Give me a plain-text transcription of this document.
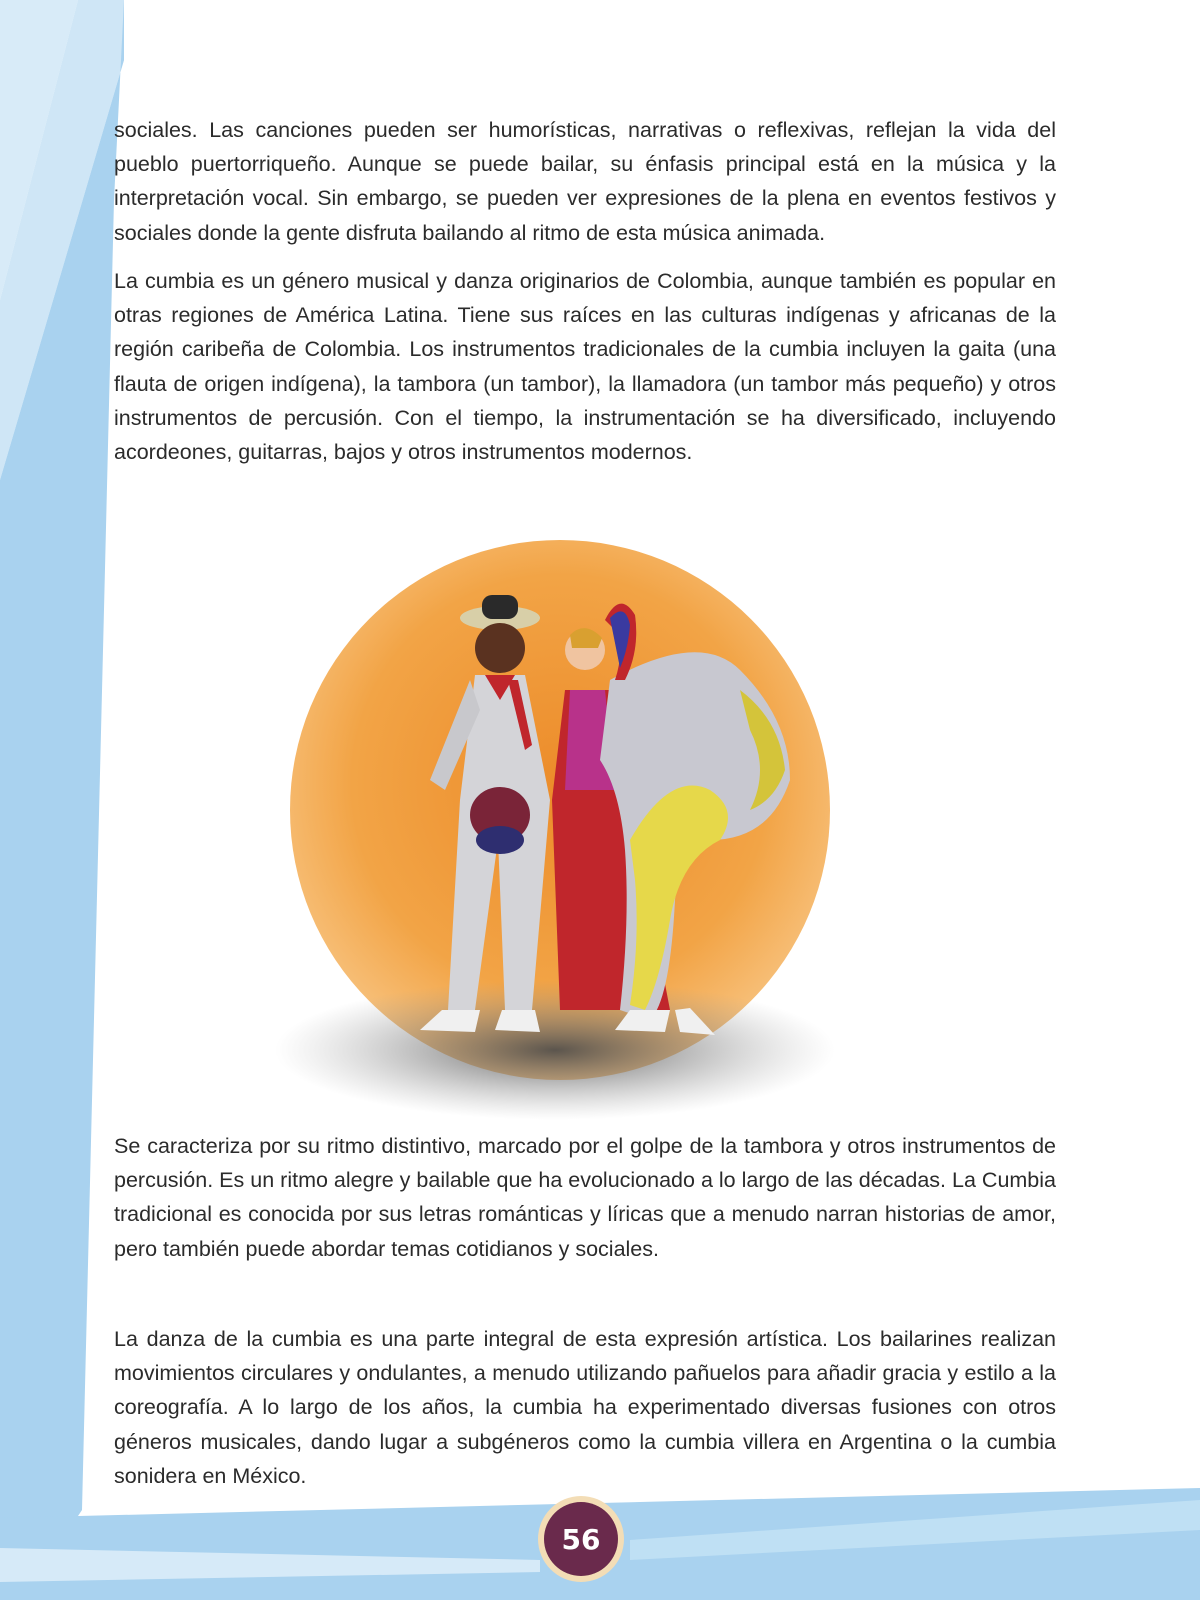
sociales. Las canciones pueden ser humorísticas, narrativas o reflexivas, reflejan la vida del pueblo puertorriqueño. Aunque se puede bailar, su énfasis principal está en la música y la interpretación vocal. Sin embargo, se pueden ver expresiones de la plena en eventos festivos y sociales donde la gente disfruta bailando al ritmo de esta música animada.

La cumbia es un género musical y danza originarios de Colombia, aunque también es popular en otras regiones de América Latina. Tiene sus raíces en las culturas indígenas y africanas de la región caribeña de Colombia. Los instrumentos tradicionales de la cumbia incluyen la gaita (una flauta de origen indígena), la tambora (un tambor), la llamadora (un tambor más pequeño) y otros instrumentos de percusión. Con el tiempo, la instrumentación se ha diversificado, incluyendo acordeones, guitarras, bajos y otros instrumentos modernos.

Se caracteriza por su ritmo distintivo, marcado por el golpe de la tambora y otros instrumentos de percusión. Es un ritmo alegre y bailable que ha evolucionado a lo largo de las décadas. La Cumbia tradicional es conocida por sus letras románticas y líricas que a menudo narran historias de amor, pero también puede abordar temas cotidianos y sociales.

La danza de la cumbia es una parte integral de esta expresión artística. Los bailarines realizan movimientos circulares y ondulantes, a menudo utilizando pañuelos para añadir gracia y estilo a la coreografía. A lo largo de los años, la cumbia ha experimentado diversas fusiones con otros géneros musicales, dando lugar a subgéneros como la cumbia villera en Argentina o la cumbia sonidera en México.

56
